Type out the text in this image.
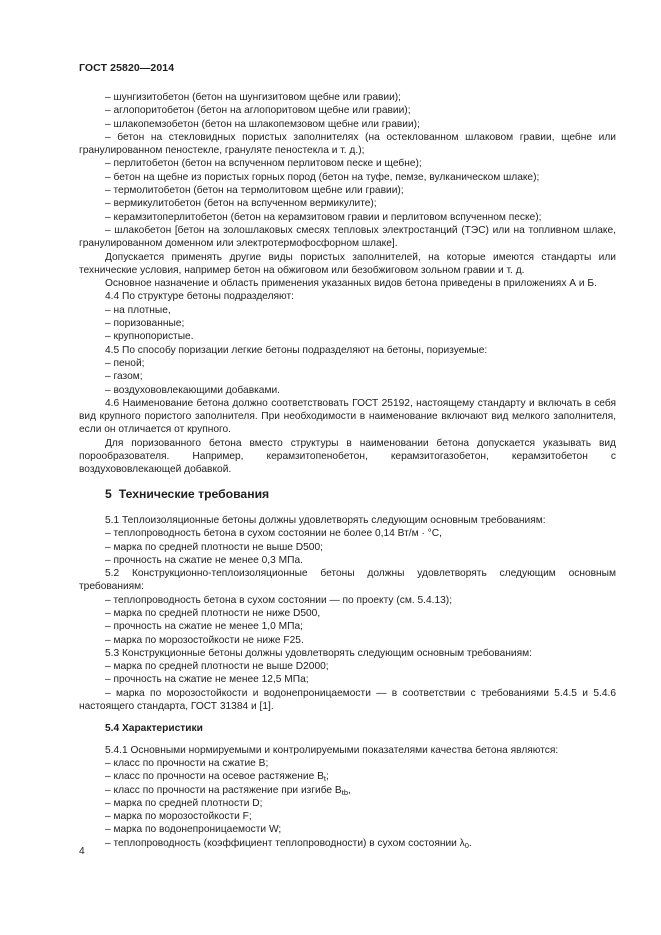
ГОСТ 25820—2014

– шунгизитобетон (бетон на шунгизитовом щебне или гравии);

– аглопоритобетон (бетон на аглопоритовом щебне или гравии);

– шлакопемзобетон (бетон на шлакопемзовом щебне или гравии);

– бетон на стекловидных пористых заполнителях (на остеклованном шлаковом гравии, щебне или гранулированном пеностекле, грануляте пеностекла и т. д.);

– перлитобетон (бетон на вспученном перлитовом песке и щебне);

– бетон на щебне из пористых горных пород (бетон на туфе, пемзе, вулканическом шлаке);

– термолитобетон (бетон на термолитовом щебне или гравии);

– вермикулитобетон (бетон на вспученном вермикулите);

– керамзитоперлитобетон (бетон на керамзитовом гравии и перлитовом вспученном песке);

– шлакобетон [бетон на золошлаковых смесях тепловых электростанций (ТЭС) или на топливном шлаке, гранулированном доменном или электротермофосфорном шлаке].

Допускается применять другие виды пористых заполнителей, на которые имеются стандарты или технические условия, например бетон на обжиговом или безобжиговом зольном гравии и т. д.

Основное назначение и область применения указанных видов бетона приведены в приложениях А и Б.

4.4 По структуре бетоны подразделяют:

– на плотные,

– поризованные;

– крупнопористые.

4.5 По способу поризации легкие бетоны подразделяют на бетоны, поризуемые:

– пеной;

– газом;

– воздухововлекающими добавками.

4.6 Наименование бетона должно соответствовать ГОСТ 25192, настоящему стандарту и включать в себя вид крупного пористого заполнителя. При необходимости в наименование включают вид мелкого заполнителя, если он отличается от крупного.

Для поризованного бетона вместо структуры в наименовании бетона допускается указывать вид порообразователя. Например, керамзитопенобетон, керамзитогазобетон, керамзитобетон с воздухововлекающей добавкой.

5 Технические требования

5.1 Теплоизоляционные бетоны должны удовлетворять следующим основным требованиям:

– теплопроводность бетона в сухом состоянии не более 0,14 Вт/м · °С,

– марка по средней плотности не выше D500;

– прочность на сжатие не менее 0,3 МПа.

5.2 Конструкционно-теплоизоляционные бетоны должны удовлетворять следующим основным требованиям:

– теплопроводность бетона в сухом состоянии — по проекту (см. 5.4.13);

– марка по средней плотности не ниже D500,

– прочность на сжатие не менее 1,0 МПа;

– марка по морозостойкости не ниже F25.

5.3 Конструкционные бетоны должны удовлетворять следующим основным требованиям:

– марка по средней плотности не выше D2000;

– прочность на сжатие не менее 12,5 МПа;

– марка по морозостойкости и водонепроницаемости — в соответствии с требованиями 5.4.5 и 5.4.6 настоящего стандарта, ГОСТ 31384 и [1].

5.4 Характеристики

5.4.1 Основными нормируемыми и контролируемыми показателями качества бетона являются:

– класс по прочности на сжатие В;

– класс по прочности на осевое растяжение $В_t$;

– класс по прочности на растяжение при изгибе $В_{tb}$,

– марка по средней плотности D;

– марка по морозостойкости F;

– марка по водонепроницаемости W;

– теплопроводность (коэффициент теплопроводности) в сухом состоянии $\lambda_0$.

4
